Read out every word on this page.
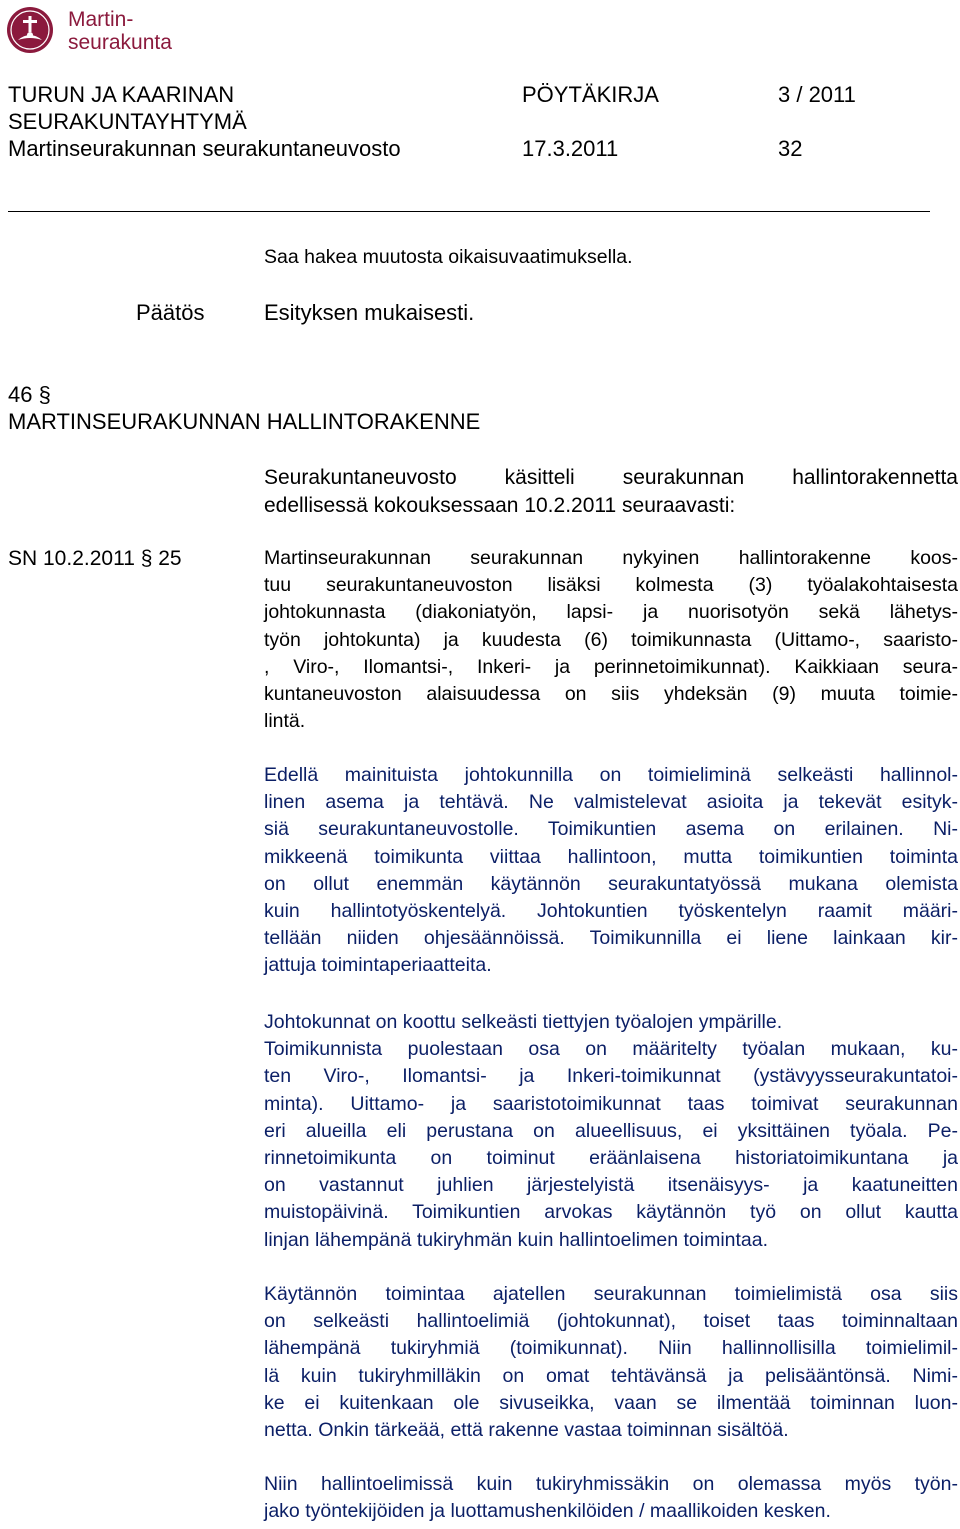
Martin-
seurakunta
TURUN JA KAARINAN
SEURAKUNTAYHTYMÄ
Martinseurakunnan seurakuntaneuvosto
PÖYTÄKIRJA	3 / 2011
17.3.2011	32
Saa hakea muutosta oikaisuvaatimuksella.
Päätös	Esityksen mukaisesti.
46 §
MARTINSEURAKUNNAN HALLINTORAKENNE
Seurakuntaneuvosto käsitteli seurakunnan hallintorakennetta
edellisessä kokouksessaan 10.2.2011 seuraavasti:
SN 10.2.2011 § 25	Martinseurakunnan seurakunnan nykyinen hallintorakenne koos-
tuu seurakuntaneuvoston lisäksi kolmesta (3) työalakohtaisesta
johtokunnasta (diakoniatyön, lapsi- ja nuorisotyön sekä lähetys-
työn johtokunta) ja kuudesta (6) toimikunnasta (Uittamo-, saaristo-
, Viro-, Ilomantsi-, Inkeri- ja perinnetoimikunnat). Kaikkiaan seura-
kuntaneuvoston alaisuudessa on siis yhdeksän (9) muuta toimie-
lintä.
Edellä mainituista johtokunnilla on toimieliminä selkeästi hallinnol-
linen asema ja tehtävä. Ne valmistelevat asioita ja tekevät esityk-
siä seurakuntaneuvostolle. Toimikuntien asema on erilainen. Ni-
mikkeenä toimikunta viittaa hallintoon, mutta toimikuntien toiminta
on ollut enemmän käytännön seurakuntatyössä mukana olemista
kuin hallintotyöskentelyä. Johtokuntien työskentelyn raamit määri-
tellään niiden ohjesäännöissä. Toimikunnilla ei liene lainkaan kir-
jattuja toimintaperiaatteita.
Johtokunnat on koottu selkeästi tiettyjen työalojen ympärille.
Toimikunnista puolestaan osa on määritelty työalan mukaan, ku-
ten Viro-, Ilomantsi- ja Inkeri-toimikunnat (ystävyysseurakuntatoi-
minta). Uittamo- ja saaristotoimikunnat taas toimivat seurakunnan
eri alueilla eli perustana on alueellisuus, ei yksittäinen työala. Pe-
rinnetoimikunta on toiminut eräänlaisena historiatoimikuntana ja
on vastannut juhlien järjestelyistä itsenäisyys- ja kaatuneitten
muistopäivinä. Toimikuntien arvokas käytännön työ on ollut kautta
linjan lähempänä tukiryhmän kuin hallintoelimen toimintaa.
Käytännön toimintaa ajatellen seurakunnan toimielimistä osa siis
on selkeästi hallintoelimiä (johtokunnat), toiset taas toiminnaltaan
lähempänä tukiryhmiä (toimikunnat). Niin hallinnollisilla toimielimil-
lä kuin tukiryhmilläkin on omat tehtävänsä ja pelisääntönsä. Nimi-
ke ei kuitenkaan ole sivuseikka, vaan se ilmentää toiminnan luon-
netta. Onkin tärkeää, että rakenne vastaa toiminnan sisältöä.
Niin hallintoelimissä kuin tukiryhmissäkin on olemassa myös työn-
jako työntekijöiden ja luottamushenkilöiden / maallikoiden kesken.
